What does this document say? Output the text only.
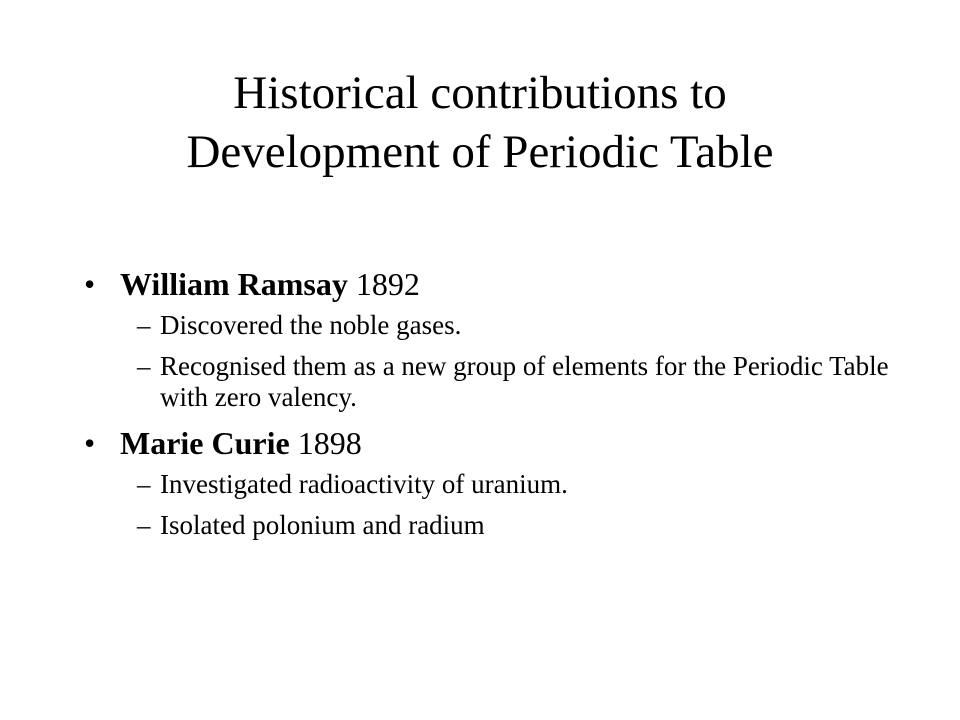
Historical contributions to
Development of Periodic Table
• William Ramsay 1892
– Discovered the noble gases.
– Recognised them as a new group of elements for the Periodic Table with zero valency.
• Marie Curie 1898
– Investigated radioactivity of uranium.
– Isolated polonium and radium
